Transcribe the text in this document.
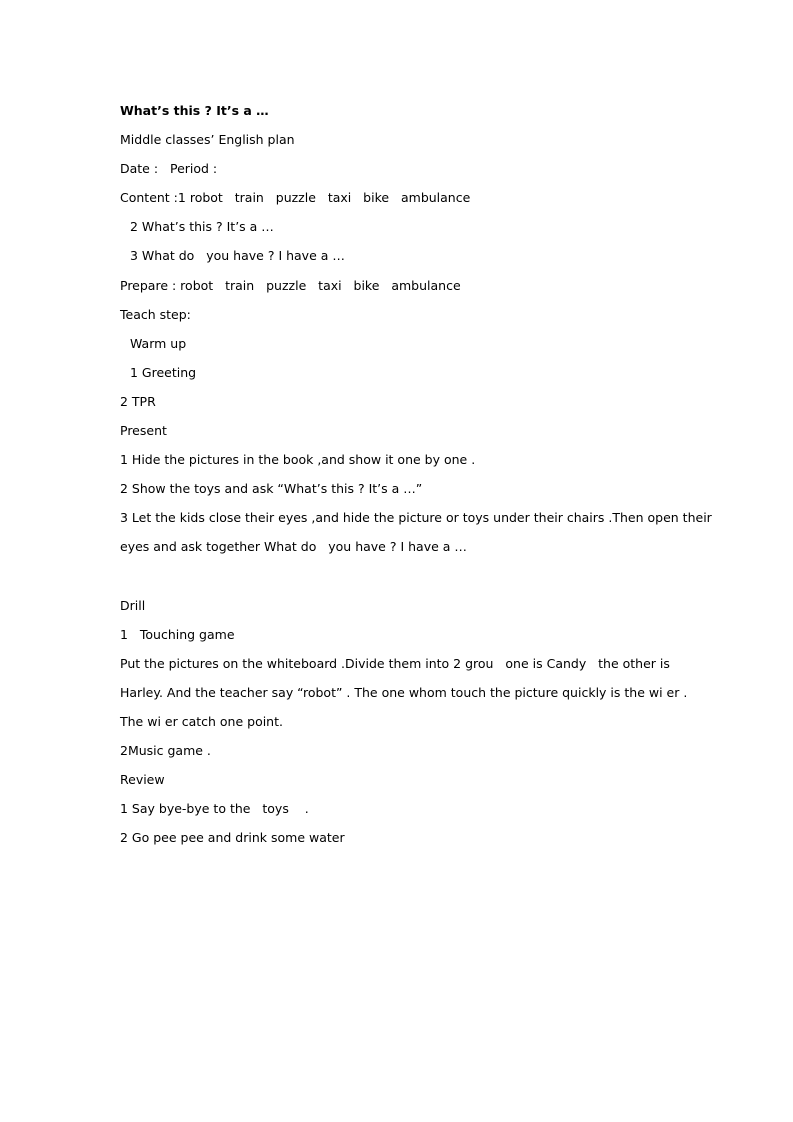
What’s this ? It’s a …
Middle classes’ English plan
Date :   Period :
Content :1 robot   train   puzzle   taxi   bike   ambulance
2 What’s this ? It’s a …
3 What do   you have ? I have a …
Prepare : robot   train   puzzle   taxi   bike   ambulance
Teach step:
Warm up
1 Greeting
2 TPR
Present
1 Hide the pictures in the book ,and show it one by one .
2 Show the toys and ask “What’s this ? It’s a …”
3 Let the kids close their eyes ,and hide the picture or toys under their chairs .Then open their
eyes and ask together What do   you have ? I have a …
Drill
1   Touching game
Put the pictures on the whiteboard .Divide them into 2 grou   one is Candy   the other is
Harley. And the teacher say “robot” . The one whom touch the picture quickly is the wi er .
The wi er catch one point.
2Music game .
Review
1 Say bye-bye to the   toys    .
2 Go pee pee and drink some water
